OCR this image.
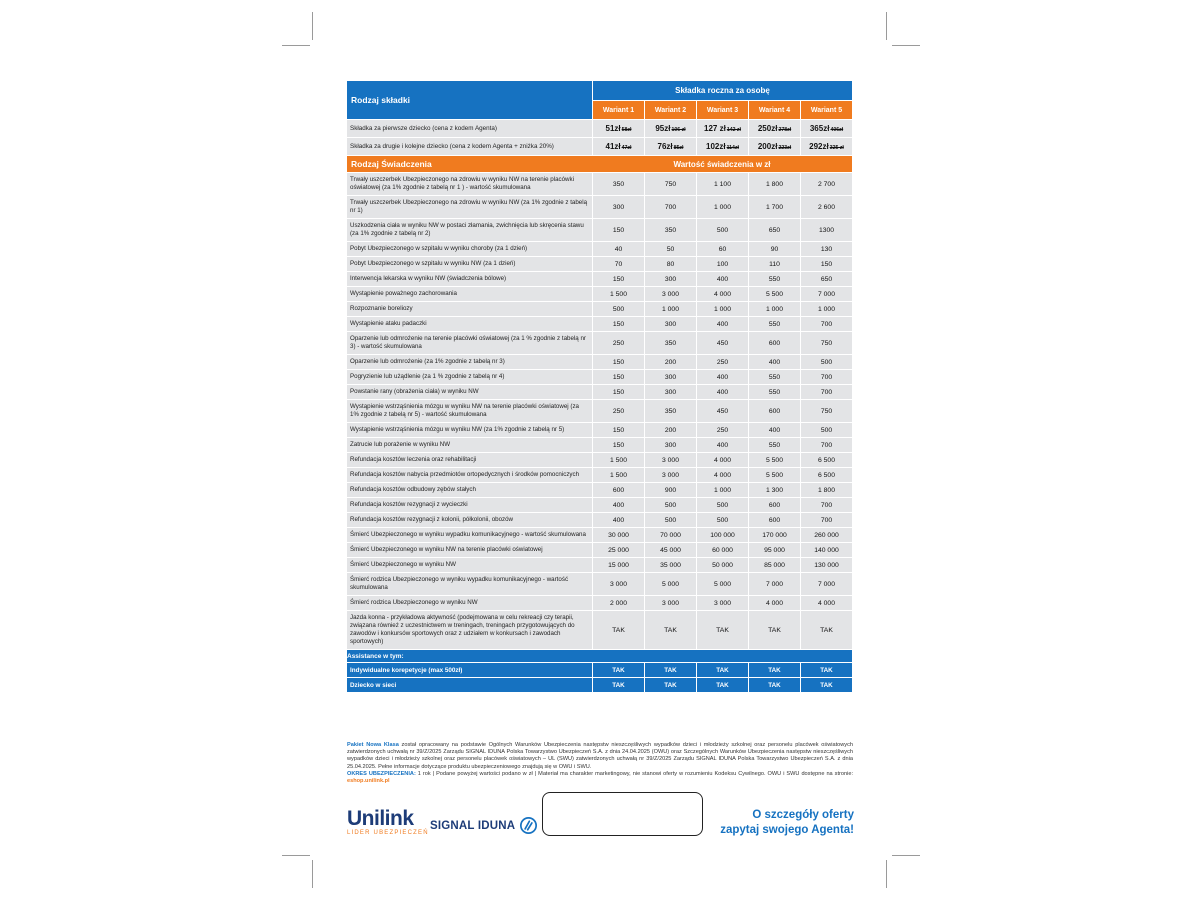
Rodzaj składki	Składka roczna za osobę				
	Wariant 1	Wariant 2	Wariant 3	Wariant 4	Wariant 5
Składka za pierwsze dziecko (cena z kodem Agenta)	51zł58zł	95zł106 zł	127 zł142 zł	250zł278zł	365zł406zł
Składka za drugie i kolejne dziecko (cena z kodem Agenta + zniżka 20%)	41zł47zł	76zł85zł	102zł114zł	200zł223zł	292zł325 zł
Rodzaj Świadczenia	Wartość świadczenia w zł				
Trwały uszczerbek Ubezpieczonego na zdrowiu w wyniku NW na terenie placówki oświatowej (za 1% zgodnie z tabelą nr 1 ) - wartość skumulowana	350	750	1 100	1 800	2 700
Trwały uszczerbek Ubezpieczonego na zdrowiu w wyniku NW (za 1% zgodnie z tabelą nr 1)	300	700	1 000	1 700	2 600
Uszkodzenia ciała w wyniku NW w postaci złamania, zwichnięcia lub skręcenia stawu (za 1% zgodnie z tabelą nr 2)	150	350	500	650	1300
Pobyt Ubezpieczonego w szpitalu w wyniku choroby (za 1 dzień)	40	50	60	90	130
Pobyt Ubezpieczonego w szpitalu w wyniku NW (za 1 dzień)	70	80	100	110	150
Interwencja lekarska w wyniku NW (świadczenia bólowe)	150	300	400	550	650
Wystąpienie poważnego zachorowania	1 500	3 000	4 000	5 500	7 000
Rozpoznanie boreliozy	500	1 000	1 000	1 000	1 000
Wystąpienie ataku padaczki	150	300	400	550	700
Oparzenie lub odmrożenie na terenie placówki oświatowej (za 1 % zgodnie z tabelą nr 3) - wartość skumulowana	250	350	450	600	750
Oparzenie lub odmrożenie (za 1% zgodnie z tabelą nr 3)	150	200	250	400	500
Pogryzienie lub użądlenie (za 1 % zgodnie z tabelą nr 4)	150	300	400	550	700
Powstanie rany (obrażenia ciała) w wyniku NW	150	300	400	550	700
Wystąpienie wstrząśnienia mózgu w wyniku NW na terenie placówki oświatowej (za 1% zgodnie z tabelą nr 5) - wartość skumulowana	250	350	450	600	750
Wystąpienie wstrząśnienia mózgu w wyniku NW (za 1% zgodnie z tabelą nr 5)	150	200	250	400	500
Zatrucie lub porażenie w wyniku NW	150	300	400	550	700
Refundacja kosztów leczenia oraz rehabilitacji	1 500	3 000	4 000	5 500	6 500
Refundacja kosztów nabycia przedmiotów ortopedycznych i środków pomocniczych	1 500	3 000	4 000	5 500	6 500
Refundacja kosztów odbudowy zębów stałych	600	900	1 000	1 300	1 800
Refundacja kosztów rezygnacji z wycieczki	400	500	500	600	700
Refundacja kosztów rezygnacji z kolonii, półkolonii, obozów	400	500	500	600	700
Śmierć Ubezpieczonego w wyniku wypadku komunikacyjnego - wartość skumulowana	30 000	70 000	100 000	170 000	260 000
Śmierć Ubezpieczonego w wyniku NW na terenie placówki oświatowej	25 000	45 000	60 000	95 000	140 000
Śmierć Ubezpieczonego w wyniku NW	15 000	35 000	50 000	85 000	130 000
Śmierć rodzica Ubezpieczonego w wyniku wypadku komunikacyjnego - wartość skumulowana	3 000	5 000	5 000	7 000	7 000
Śmierć rodzica Ubezpieczonego w wyniku NW	2 000	3 000	3 000	4 000	4 000
Jazda konna - przykładowa aktywność (podejmowana w celu rekreacji czy terapii, związana również z uczestnictwem w treningach, treningach przygotowujących do zawodów i konkursów sportowych oraz z udziałem w konkursach i zawodach sportowych)	TAK	TAK	TAK	TAK	TAK
Assistance w tym:					
Indywidualne korepetycje (max 500zł)	TAK	TAK	TAK	TAK	TAK
Dziecko w sieci	TAK	TAK	TAK	TAK	TAK
Pakiet Nowa Klasa został opracowany na podstawie Ogólnych Warunków Ubezpieczenia następstw nieszczęśliwych wypadków dzieci i młodzieży szkolnej oraz personelu placówek oświatowych zatwierdzonych uchwałą nr 39/Z/2025 Zarządu SIGNAL IDUNA Polska Towarzystwo Ubezpieczeń S.A. z dnia 24.04.2025 (OWU) oraz Szczególnych Warunków Ubezpieczenia następstw nieszczęśliwych wypadków dzieci i młodzieży szkolnej oraz personelu placówek oświatowych – UL (SWU) zatwierdzonych uchwałą nr 39/Z/2025 Zarządu SIGNAL IDUNA Polska Towarzystwo Ubezpieczeń S.A. z dnia 25.04.2025. Pełne informacje dotyczące produktu ubezpieczeniowego znajdują się w OWU i SWU.
OKRES UBEZPIECZENIA: 1 rok | Podane powyżej wartości podano w zł | Materiał ma charakter marketingowy, nie stanowi oferty w rozumieniu Kodeksu Cywilnego. OWU i SWU dostępne na stronie: eshop.unilink.pl
Unilink
LIDER UBEZPIECZEŃ
SIGNAL IDUNA
O szczegóły oferty
zapytaj swojego Agenta!
